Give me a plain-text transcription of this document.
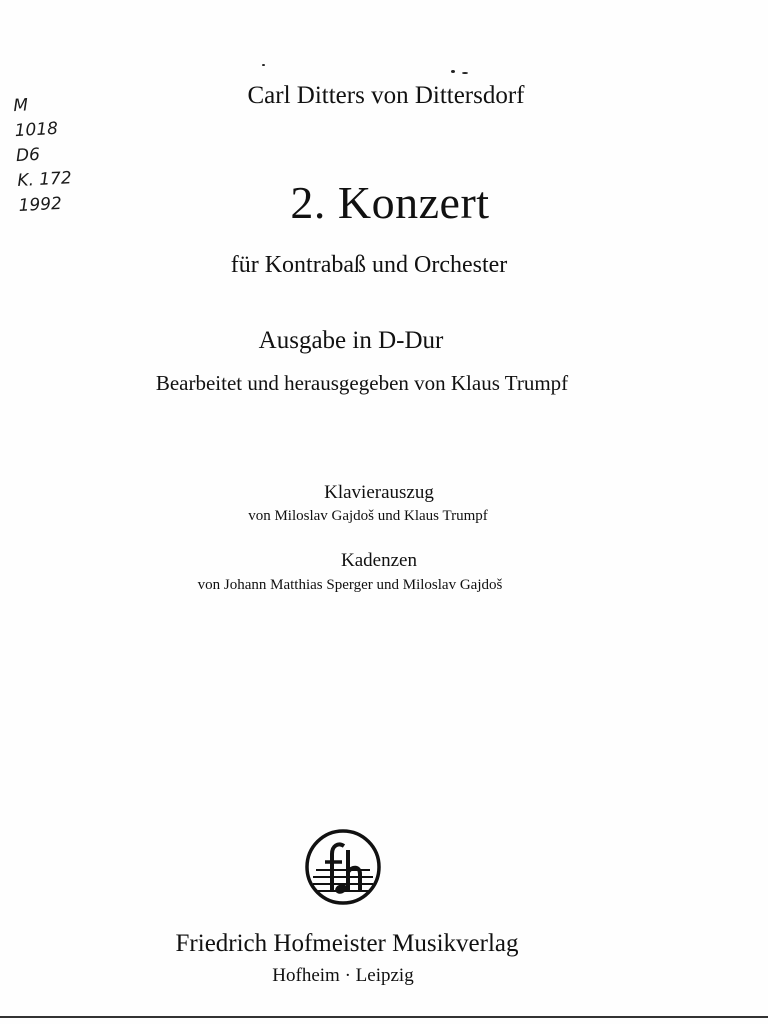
M
1018
D6
K. 172
1992
Carl Ditters von Dittersdorf
2. Konzert
für Kontrabaß und Orchester
Ausgabe in D-Dur
Bearbeitet und herausgegeben von Klaus Trumpf
Klavierauszug
von Miloslav Gajdoš und Klaus Trumpf
Kadenzen
von Johann Matthias Sperger und Miloslav Gajdoš
Friedrich Hofmeister Musikverlag
Hofheim · Leipzig
